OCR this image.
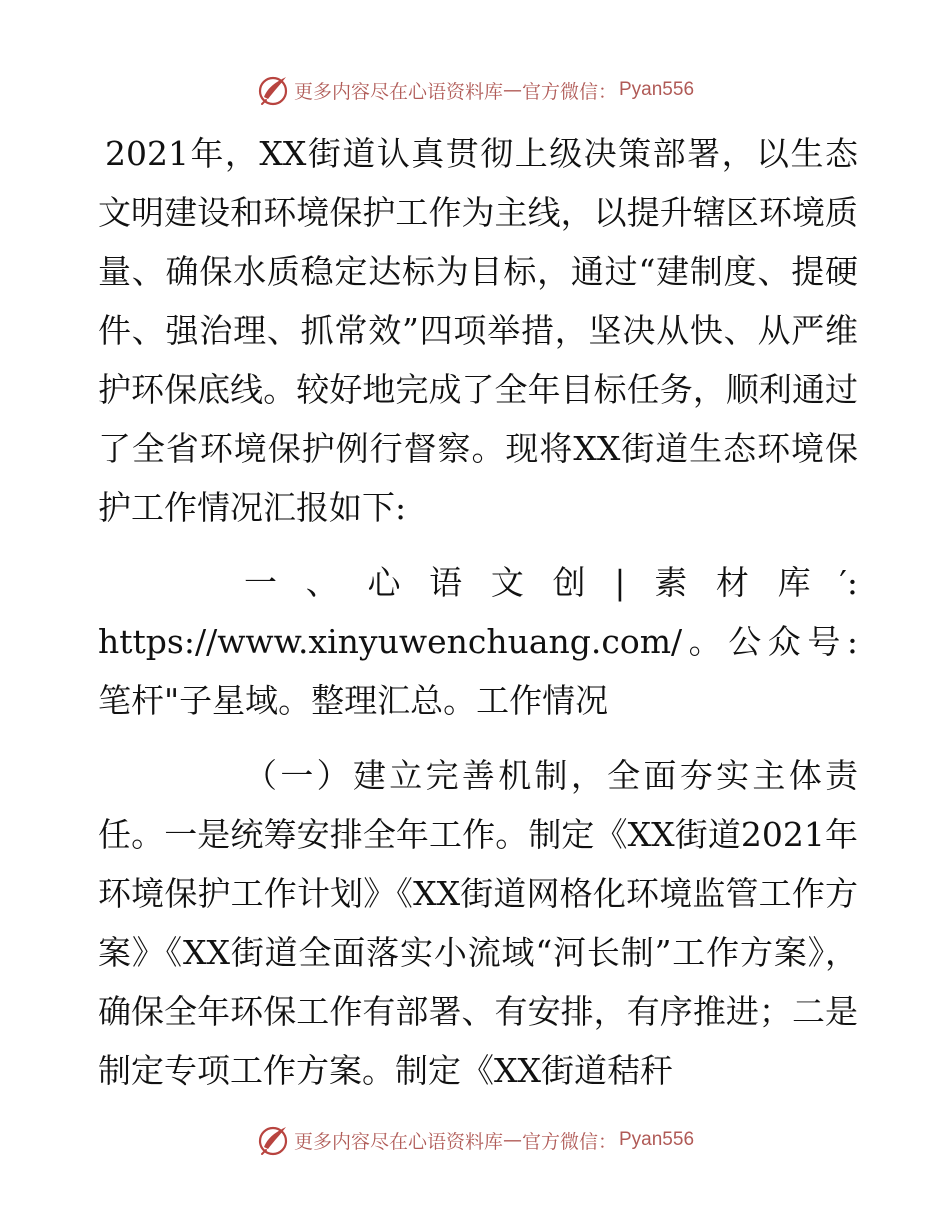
更多内容尽在心语资料库 — 官方微信： Pyan556

2021年，XX街道认真贯彻上级决策部署，以生态文明建设和环境保护工作为主线，以提升辖区环境质量、确保水质稳定达标为目标，通过“建制度、提硬件、强治理、抓常效”四项举措，坚决从快、从严维护环保底线。较好地完成了全年目标任务，顺利通过了全省环境保护例行督察。现将XX街道生态环境保护工作情况汇报如下:

一、心语文创|素材库′: https://www.xinyuwenchuang.com/。公众号: 笔杆"子星域。整理汇总。工作情况

（一）建立完善机制，全面夯实主体责任。一是统筹安排全年工作。制定《XX街道2021年环境保护工作计划》《XX街道网格化环境监管工作方案》《XX街道全面落实小流域“河长制”工作方案》，确保全年环保工作有部署、有安排，有序推进；二是制定专项工作方案。制定《XX街道秸秆

更多内容尽在心语资料库 — 官方微信： Pyan556
